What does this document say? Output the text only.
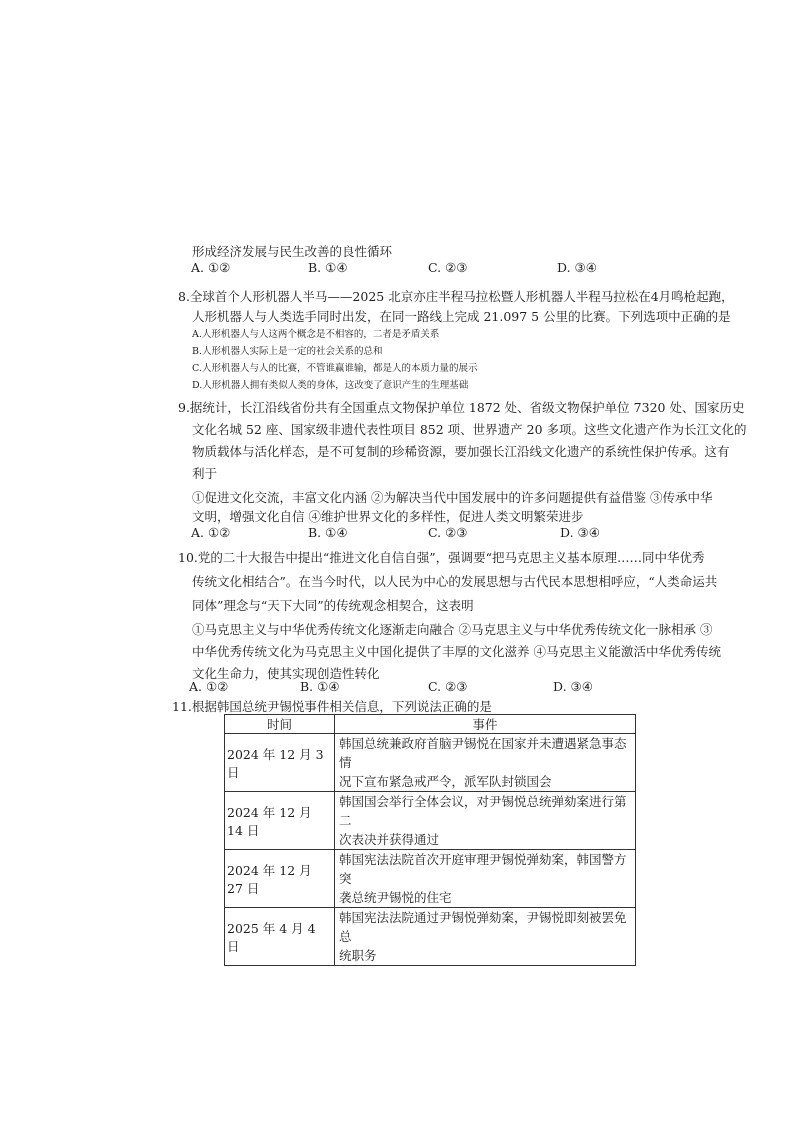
形成经济发展与民生改善的良性循环
A. ①②	B. ①④	C. ②③	D. ③④
8.全球首个人形机器人半马——2025 北京亦庄半程马拉松暨人形机器人半程马拉松在4月鸣枪起跑，
人形机器人与人类选手同时出发，在同一路线上完成 21.097 5 公里的比赛。下列选项中正确的是
A.人形机器人与人这两个概念是不相容的，二者是矛盾关系
B.人形机器人实际上是一定的社会关系的总和
C.人形机器人与人的比赛，不管谁赢谁输，都是人的本质力量的展示
D.人形机器人拥有类似人类的身体，这改变了意识产生的生理基础
9.据统计，长江沿线省份共有全国重点文物保护单位 1872 处、省级文物保护单位 7320 处、国家历史
文化名城 52 座、国家级非遗代表性项目 852 项、世界遗产 20 多项。这些文化遗产作为长江文化的
物质载体与活化样态，是不可复制的珍稀资源，要加强长江沿线文化遗产的系统性保护传承。这有
利于
①促进文化交流，丰富文化内涵 ②为解决当代中国发展中的许多问题提供有益借鉴 ③传承中华
文明，增强文化自信 ④维护世界文化的多样性，促进人类文明繁荣进步
A. ①②	B. ①④	C. ②③	D. ③④
10.党的二十大报告中提出“推进文化自信自强”，强调要“把马克思主义基本原理……同中华优秀
传统文化相结合”。在当今时代，以人民为中心的发展思想与古代民本思想相呼应，“人类命运共
同体”理念与“天下大同”的传统观念相契合，这表明
①马克思主义与中华优秀传统文化逐渐走向融合 ②马克思主义与中华优秀传统文化一脉相承 ③
中华优秀传统文化为马克思主义中国化提供了丰厚的文化滋养 ④马克思主义能激活中华优秀传统
文化生命力，使其实现创造性转化
A. ①②	B. ①④	C. ②③	D. ③④
11.根据韩国总统尹锡悦事件相关信息，下列说法正确的是
时间	事件
2024 年 12 月 3 日	韩国总统兼政府首脑尹锡悦在国家并未遭遇紧急事态情
况下宣布紧急戒严令，派军队封锁国会
2024 年 12 月 14 日	韩国国会举行全体会议，对尹锡悦总统弹劾案进行第二
次表决并获得通过
2024 年 12 月 27 日	韩国宪法法院首次开庭审理尹锡悦弹劾案，韩国警方突
袭总统尹锡悦的住宅
2025 年 4 月 4 日	韩国宪法法院通过尹锡悦弹劾案，尹锡悦即刻被罢免总
统职务
